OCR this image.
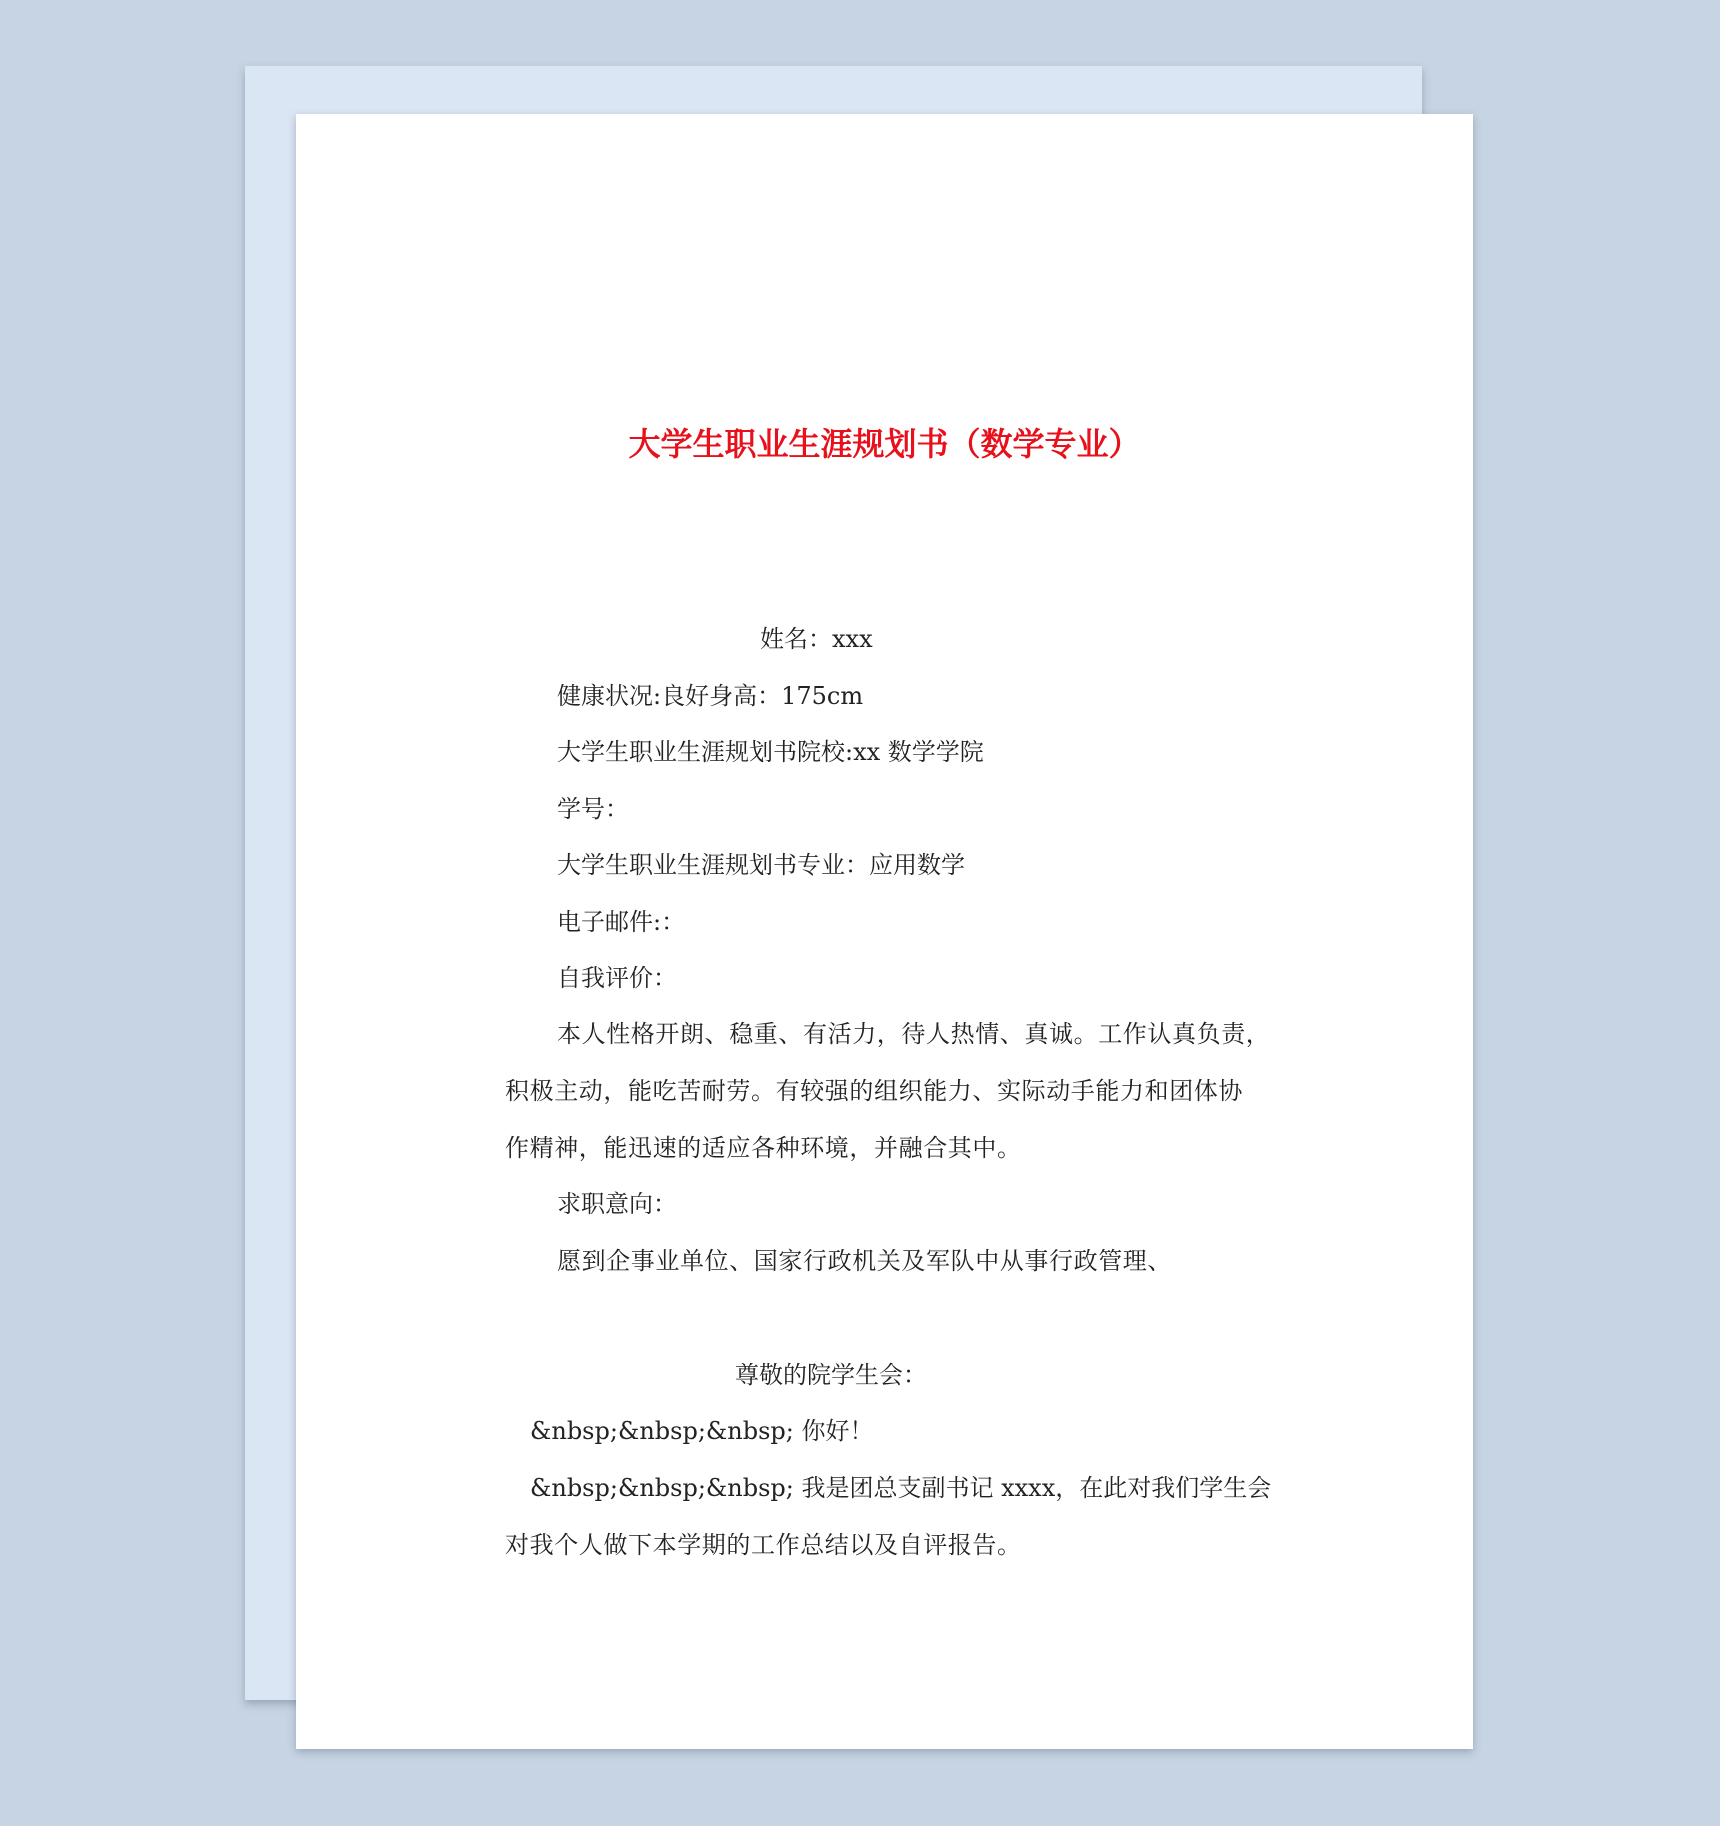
大学生职业生涯规划书（数学专业）

姓名：xxx

健康状况:良好身高：175cm

大学生职业生涯规划书院校:xx 数学学院

学号：

大学生职业生涯规划书专业：应用数学

电子邮件:：

自我评价：

本人性格开朗、稳重、有活力，待人热情、真诚。工作认真负责，

积极主动，能吃苦耐劳。有较强的组织能力、实际动手能力和团体协

作精神，能迅速的适应各种环境，并融合其中。

求职意向：

愿到企事业单位、国家行政机关及军队中从事行政管理、

尊敬的院学生会：

&nbsp;&nbsp;&nbsp; 你好！

&nbsp;&nbsp;&nbsp; 我是团总支副书记 xxxx，在此对我们学生会

对我个人做下本学期的工作总结以及自评报告。
